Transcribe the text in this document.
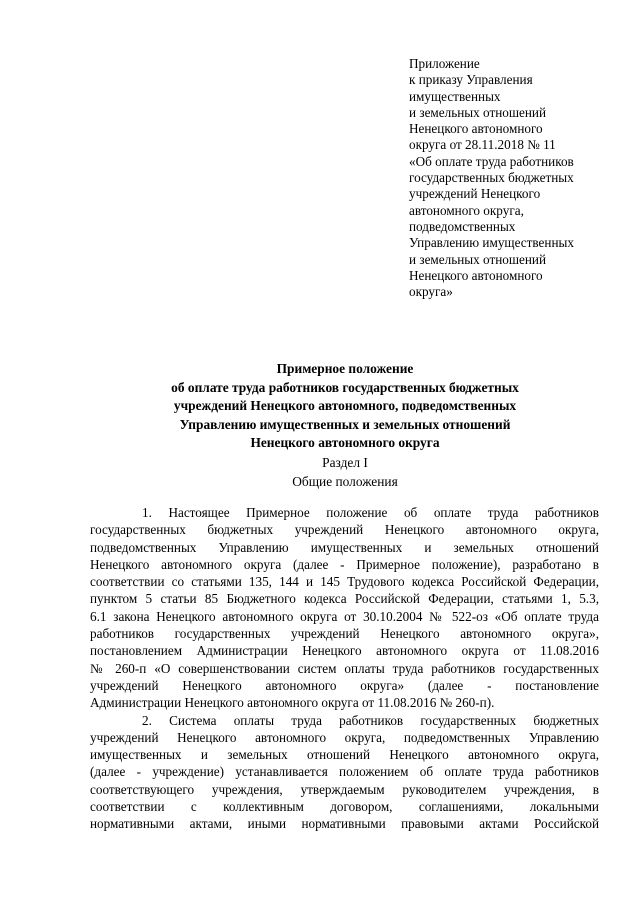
Приложение
к приказу Управления
имущественных
и земельных отношений
Ненецкого автономного
округа от 28.11.2018 № 11
«Об оплате труда работников
государственных бюджетных
учреждений Ненецкого
автономного округа,
подведомственных
Управлению имущественных
и земельных отношений
Ненецкого автономного
округа»
Примерное положение
об оплате труда работников государственных бюджетных
учреждений Ненецкого автономного, подведомственных
Управлению имущественных и земельных отношений
Ненецкого автономного округа
Раздел I
Общие положения
1. Настоящее Примерное положение об оплате труда работников
государственных бюджетных учреждений Ненецкого автономного округа,
подведомственных Управлению имущественных и земельных отношений
Ненецкого автономного округа (далее - Примерное положение), разработано в
соответствии со статьями 135, 144 и 145 Трудового кодекса Российской Федерации,
пунктом 5 статьи 85 Бюджетного кодекса Российской Федерации, статьями 1, 5.3,
6.1 закона Ненецкого автономного округа от 30.10.2004 № 522-оз «Об оплате труда
работников государственных учреждений Ненецкого автономного округа»,
постановлением Администрации Ненецкого автономного округа от 11.08.2016
№ 260-п «О совершенствовании систем оплаты труда работников государственных
учреждений Ненецкого автономного округа» (далее - постановление
Администрации Ненецкого автономного округа от 11.08.2016 № 260-п).
2. Система оплаты труда работников государственных бюджетных
учреждений Ненецкого автономного округа, подведомственных Управлению
имущественных и земельных отношений Ненецкого автономного округа,
(далее - учреждение) устанавливается положением об оплате труда работников
соответствующего учреждения, утверждаемым руководителем учреждения, в
соответствии с коллективным договором, соглашениями, локальными
нормативными актами, иными нормативными правовыми актами Российской
